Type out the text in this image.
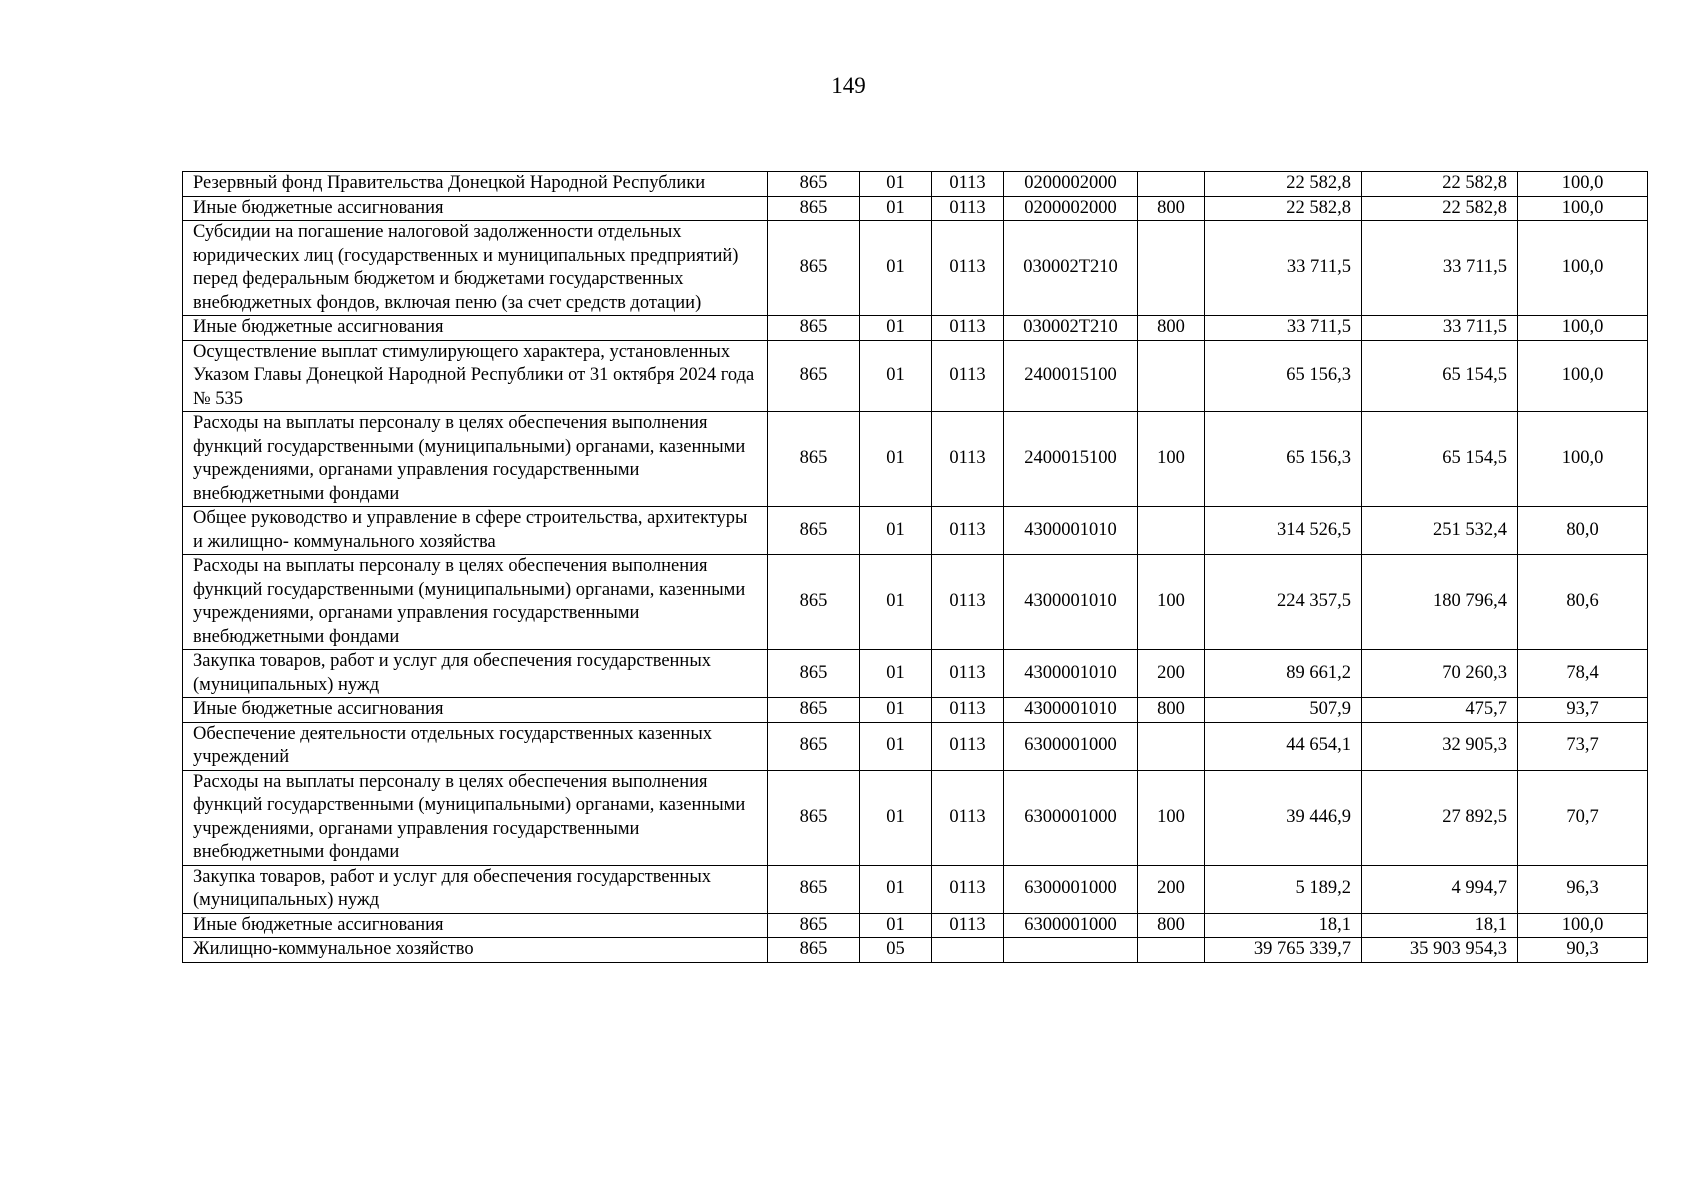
149
Резервный фонд Правительства Донецкой Народной Республики	865	01	0113	0200002000		22 582,8	22 582,8	100,0
Иные бюджетные ассигнования	865	01	0113	0200002000	800	22 582,8	22 582,8	100,0
Субсидии на погашение налоговой задолженности отдельных юридических лиц (государственных и муниципальных предприятий) перед федеральным бюджетом и бюджетами государственных внебюджетных фондов, включая пеню (за счет средств дотации)	865	01	0113	030002Т210		33 711,5	33 711,5	100,0
Иные бюджетные ассигнования	865	01	0113	030002Т210	800	33 711,5	33 711,5	100,0
Осуществление выплат стимулирующего характера, установленных Указом Главы Донецкой Народной Республики от 31 октября 2024 года № 535	865	01	0113	2400015100		65 156,3	65 154,5	100,0
Расходы на выплаты персоналу в целях обеспечения выполнения функций государственными (муниципальными) органами, казенными учреждениями, органами управления государственными внебюджетными фондами	865	01	0113	2400015100	100	65 156,3	65 154,5	100,0
Общее руководство и управление в сфере строительства, архитектуры и жилищно- коммунального хозяйства	865	01	0113	4300001010		314 526,5	251 532,4	80,0
Расходы на выплаты персоналу в целях обеспечения выполнения функций государственными (муниципальными) органами, казенными учреждениями, органами управления государственными внебюджетными фондами	865	01	0113	4300001010	100	224 357,5	180 796,4	80,6
Закупка товаров, работ и услуг для обеспечения государственных (муниципальных) нужд	865	01	0113	4300001010	200	89 661,2	70 260,3	78,4
Иные бюджетные ассигнования	865	01	0113	4300001010	800	507,9	475,7	93,7
Обеспечение деятельности отдельных государственных казенных учреждений	865	01	0113	6300001000		44 654,1	32 905,3	73,7
Расходы на выплаты персоналу в целях обеспечения выполнения функций государственными (муниципальными) органами, казенными учреждениями, органами управления государственными внебюджетными фондами	865	01	0113	6300001000	100	39 446,9	27 892,5	70,7
Закупка товаров, работ и услуг для обеспечения государственных (муниципальных) нужд	865	01	0113	6300001000	200	5 189,2	4 994,7	96,3
Иные бюджетные ассигнования	865	01	0113	6300001000	800	18,1	18,1	100,0
Жилищно-коммунальное хозяйство	865	05				39 765 339,7	35 903 954,3	90,3
